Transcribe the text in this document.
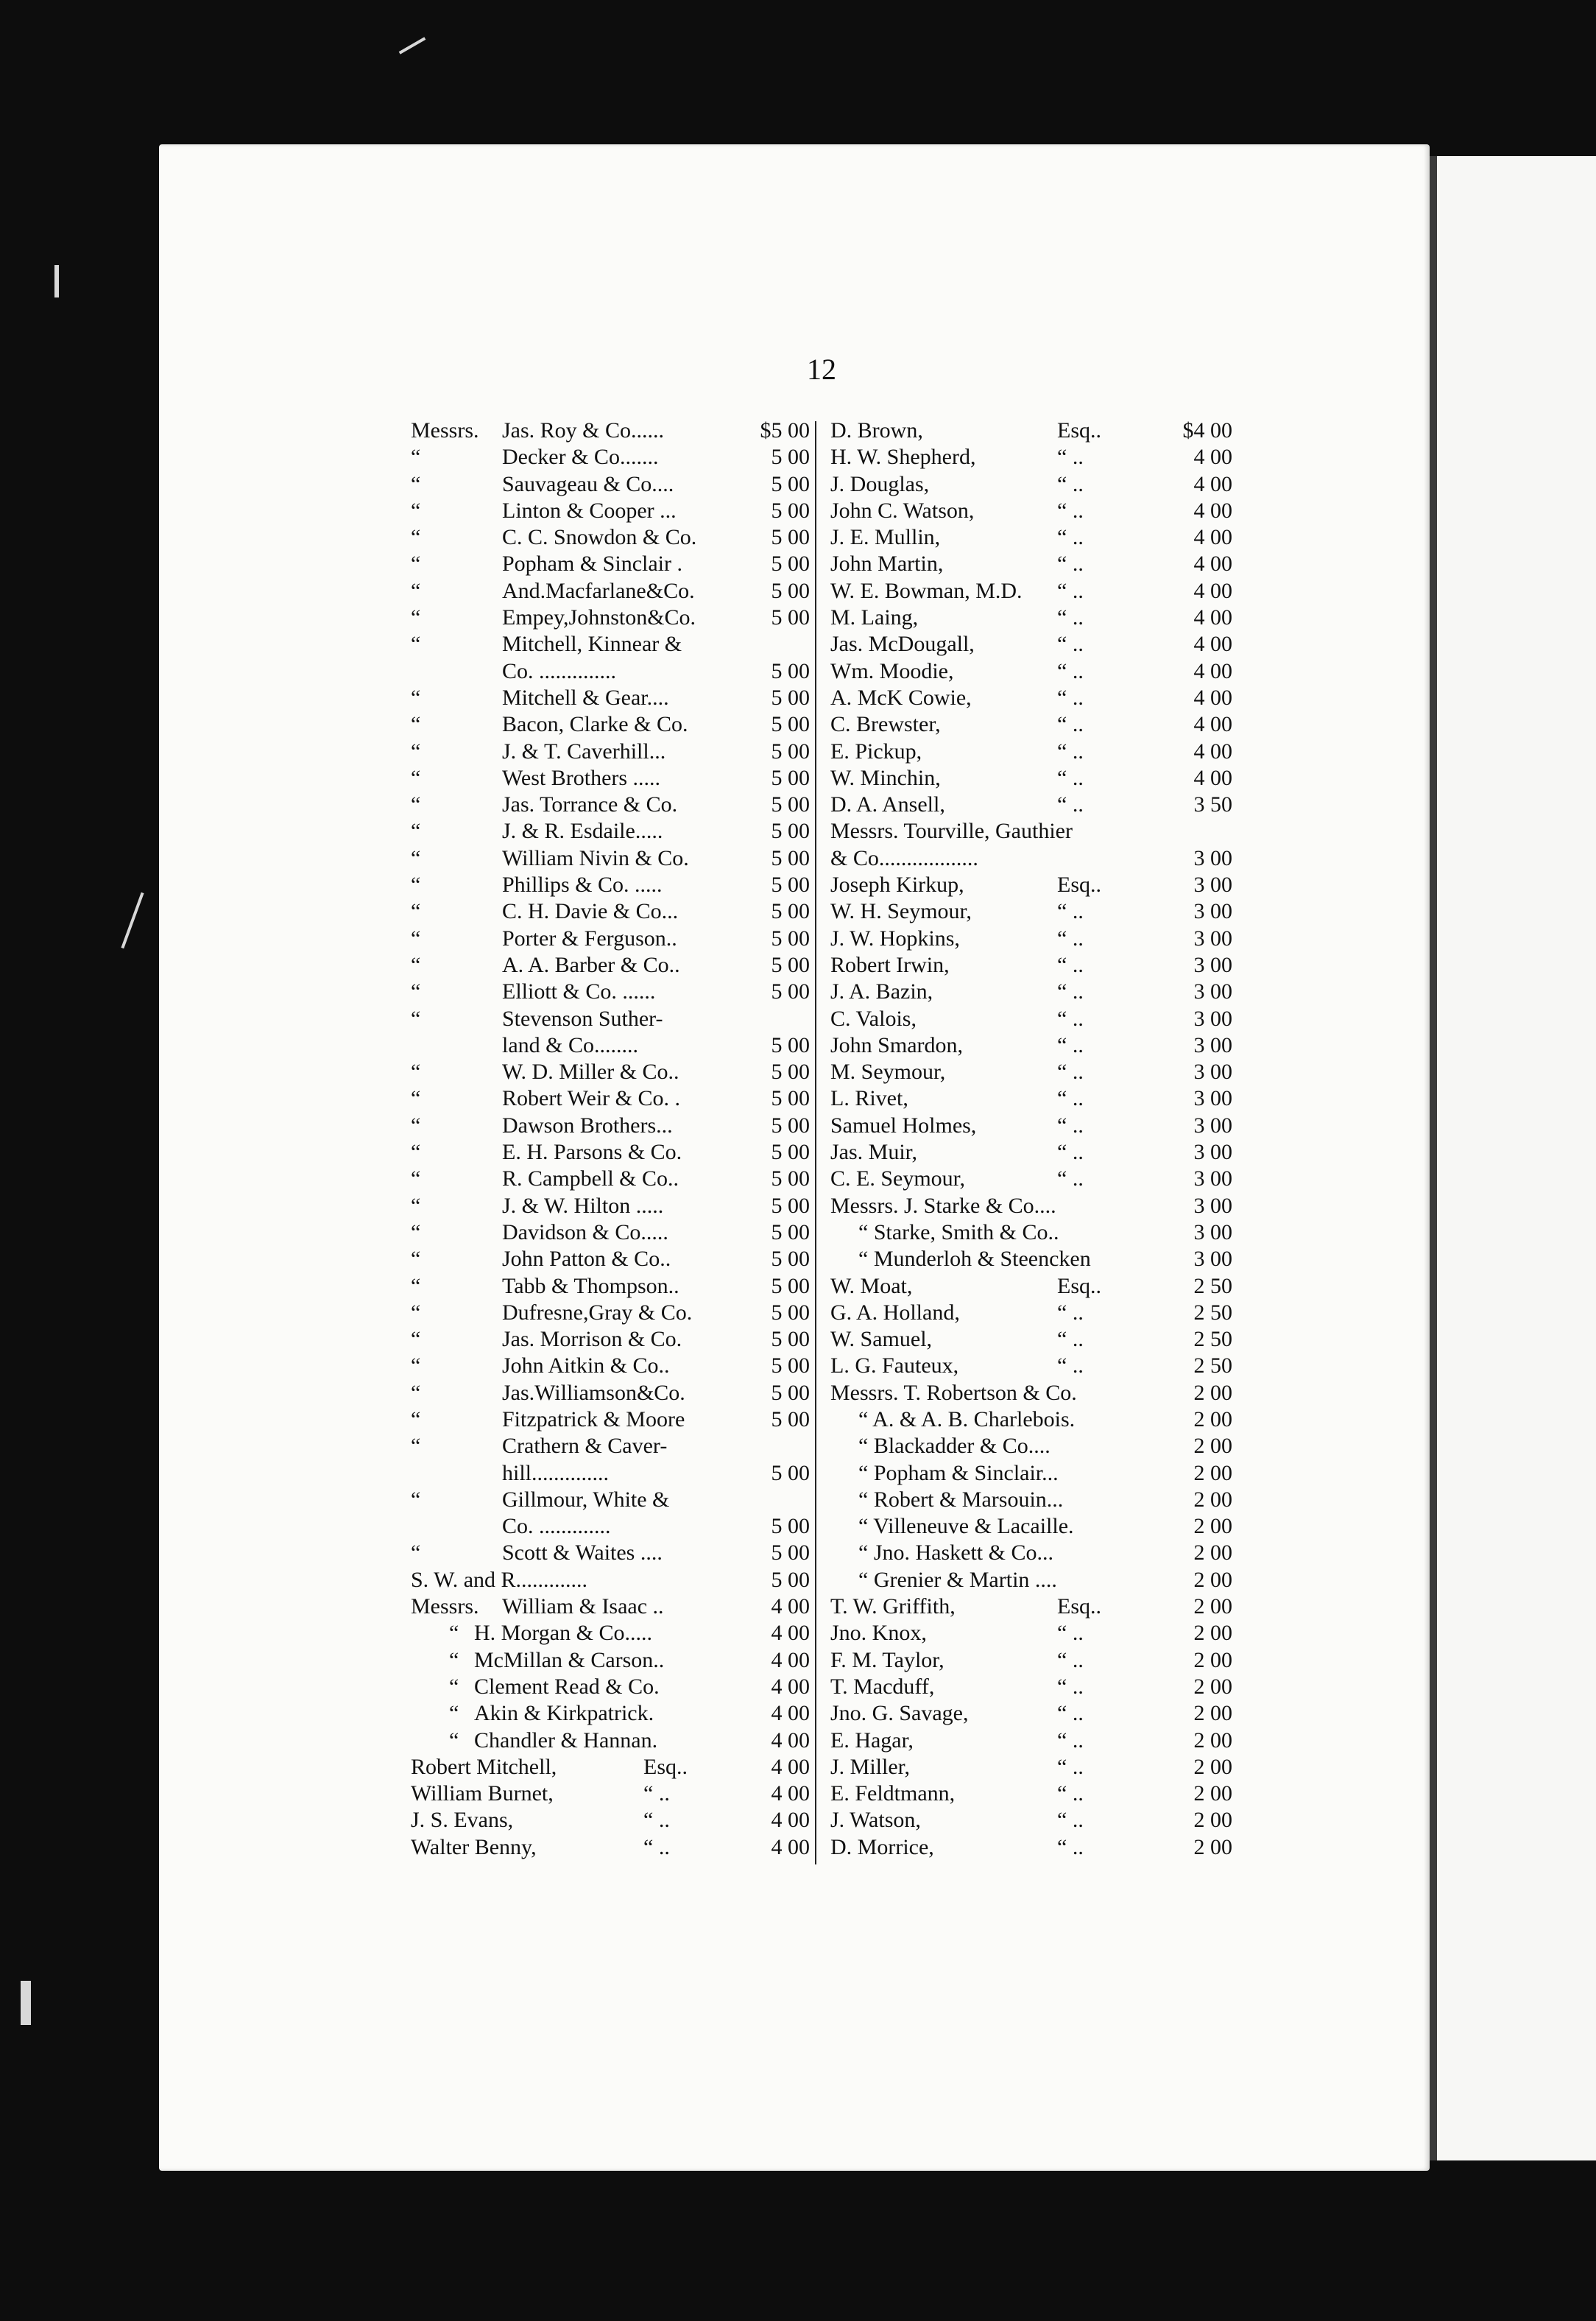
12
Messrs. Jas. Roy & Co......	$5 00
“	Decker & Co.......	5 00
“	Sauvageau & Co....	5 00
“	Linton & Cooper ...	5 00
“	C. C. Snowdon & Co.	5 00
“	Popham & Sinclair .	5 00
“	And.Macfarlane&Co.	5 00
“	Empey,Johnston&Co.	5 00
“	Mitchell, Kinnear &
Co. ..............	5 00
“	Mitchell & Gear....	5 00
“	Bacon, Clarke & Co.	5 00
“	J. & T. Caverhill...	5 00
“	West Brothers .....	5 00
“	Jas. Torrance & Co.	5 00
“	J. & R. Esdaile.....	5 00
“	William Nivin & Co.	5 00
“	Phillips & Co. .....	5 00
“	C. H. Davie & Co...	5 00
“	Porter & Ferguson..	5 00
“	A. A. Barber & Co..	5 00
“	Elliott & Co. ......	5 00
“	Stevenson Suther-
land & Co........	5 00
“	W. D. Miller & Co..	5 00
“	Robert Weir & Co. .	5 00
“	Dawson Brothers...	5 00
“	E. H. Parsons & Co.	5 00
“	R. Campbell & Co..	5 00
“	J. & W. Hilton .....	5 00
“	Davidson & Co.....	5 00
“	John Patton & Co..	5 00
“	Tabb & Thompson..	5 00
“	Dufresne,Gray & Co.	5 00
“	Jas. Morrison & Co.	5 00
“	John Aitkin & Co..	5 00
“	Jas.Williamson&Co.	5 00
“	Fitzpatrick & Moore	5 00
“	Crathern & Caver-
hill..............	5 00
“	Gillmour, White &
Co. .............	5 00
“	Scott & Waites ....	5 00
S. W. and R.............	5 00
Messrs. William & Isaac ..	4 00
“ H. Morgan & Co.....	4 00
“ McMillan & Carson..	4 00
“ Clement Read & Co.	4 00
“ Akin & Kirkpatrick.	4 00
“ Chandler & Hannan.	4 00
Robert Mitchell,	Esq..	4 00
William Burnet,	“ ..	4 00
J. S. Evans,	“ ..	4 00
Walter Benny,	“ ..	4 00
D. Brown,	Esq..	$4 00
H. W. Shepherd,	“ ..	4 00
J. Douglas,	“ ..	4 00
John C. Watson,	“ ..	4 00
J. E. Mullin,	“ ..	4 00
John Martin,	“ ..	4 00
W. E. Bowman, M.D. “ ..	4 00
M. Laing,	“ ..	4 00
Jas. McDougall,	“ ..	4 00
Wm. Moodie,	“ ..	4 00
A. McK Cowie,	“ ..	4 00
C. Brewster,	“ ..	4 00
E. Pickup,	“ ..	4 00
W. Minchin,	“ ..	4 00
D. A. Ansell,	“ ..	3 50
Messrs. Tourville, Gauthier
& Co..................	3 00
Joseph Kirkup,	Esq..	3 00
W. H. Seymour,	“ ..	3 00
J. W. Hopkins,	“ ..	3 00
Robert Irwin,	“ ..	3 00
J. A. Bazin,	“ ..	3 00
C. Valois,	“ ..	3 00
John Smardon,	“ ..	3 00
M. Seymour,	“ ..	3 00
L. Rivet,	“ ..	3 00
Samuel Holmes,	“ ..	3 00
Jas. Muir,	“ ..	3 00
C. E. Seymour,	“ ..	3 00
Messrs. J. Starke & Co....	3 00
“ Starke, Smith & Co..	3 00
“ Munderloh & Steencken	3 00
W. Moat,	Esq..	2 50
G. A. Holland,	“ ..	2 50
W. Samuel,	“ ..	2 50
L. G. Fauteux,	“ ..	2 50
Messrs. T. Robertson & Co.	2 00
“ A. & A. B. Charlebois.	2 00
“ Blackadder & Co....	2 00
“ Popham & Sinclair...	2 00
“ Robert & Marsouin...	2 00
“ Villeneuve & Lacaille.	2 00
“ Jno. Haskett & Co...	2 00
“ Grenier & Martin ....	2 00
T. W. Griffith,	Esq..	2 00
Jno. Knox,	“ ..	2 00
F. M. Taylor,	“ ..	2 00
T. Macduff,	“ ..	2 00
Jno. G. Savage,	“ ..	2 00
E. Hagar,	“ ..	2 00
J. Miller,	“ ..	2 00
E. Feldtmann,	“ ..	2 00
J. Watson,	“ ..	2 00
D. Morrice,	“ ..	2 00
